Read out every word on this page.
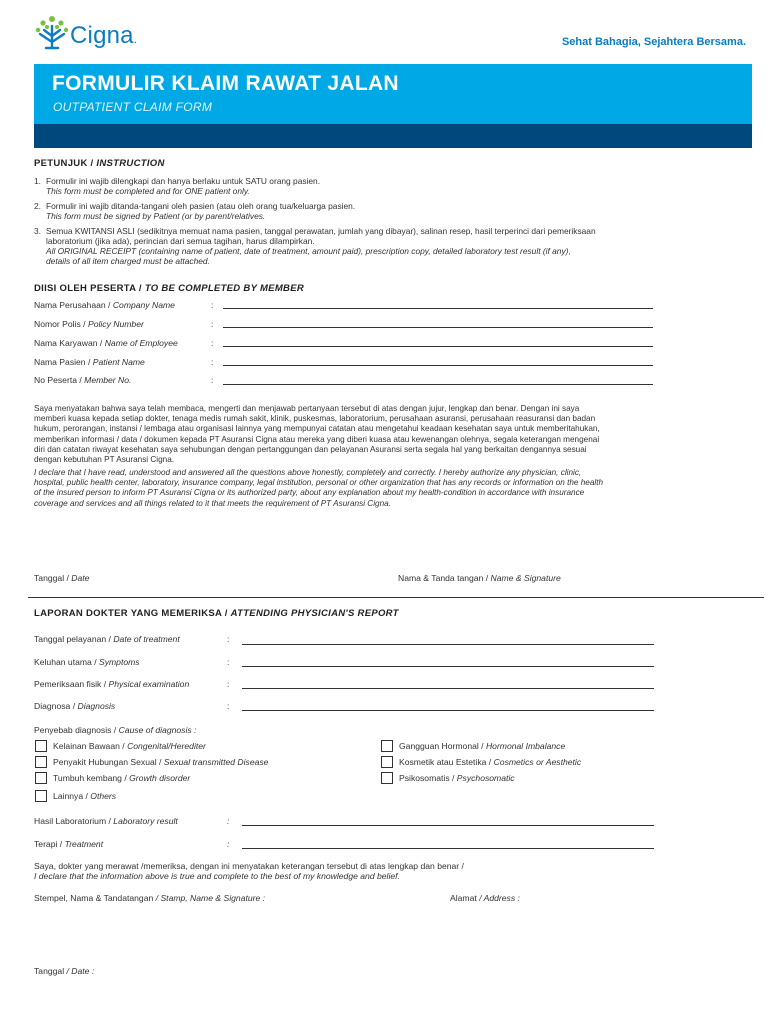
Cigna.	Sehat Bahagia, Sejahtera Bersama.
FORMULIR KLAIM RAWAT JALAN
OUTPATIENT CLAIM FORM
PETUNJUK / INSTRUCTION
1. Formulir ini wajib dilengkapi dan hanya berlaku untuk SATU orang pasien.
This form must be completed and for ONE patient only.
2. Formulir ini wajib ditanda-tangani oleh pasien (atau oleh orang tua/keluarga pasien.
This form must be signed by Patient (or by parent/relatives.
3. Semua KWITANSI ASLI (sedikitnya memuat nama pasien, tanggal perawatan, jumlah yang dibayar), salinan resep, hasil terperinci dari pemeriksaan
laboratorium (jika ada), perincian dari semua tagihan, harus dilampirkan.
All ORIGINAL RECEIPT (containing name of patient, date of treatment, amount paid), prescription copy, detailed laboratory test result (if any),
details of all item charged must be attached.
DIISI OLEH PESERTA / TO BE COMPLETED BY MEMBER
Nama Perusahaan / Company Name	:
Nomor Polis / Policy Number	:
Nama Karyawan / Name of Employee	:
Nama Pasien / Patient Name	:
No Peserta / Member No.	:
Saya menyatakan bahwa saya telah membaca, mengerti dan menjawab pertanyaan tersebut di atas dengan jujur, lengkap dan benar. Dengan ini saya
memberi kuasa kepada setiap dokter, tenaga medis rumah sakit, klinik, puskesmas, laboratorium, perusahaan asuransi, perusahaan reasuransi dan badan
hukum, perorangan, instansi / lembaga atau organisasi lainnya yang mempunyai catatan atau mengetahui keadaan kesehatan saya untuk memberitahukan,
memberikan informasi / data / dokumen kepada PT Asuransi Cigna atau mereka yang diberi kuasa atau kewenangan olehnya, segala keterangan mengenai
diri dan catatan riwayat kesehatan saya sehubungan dengan pertanggungan dan pelayanan Asuransi serta segala hal yang berkaitan dengannya sesuai
dengan kebutuhan PT Asuransi Cigna.
I declare that I have read, understood and answered all the questions above honestly, completely and correctly. I hereby authorize any physician, clinic,
hospital, public health center, laboratory, insurance company, legal institution, personal or other organization that has any records or information on the health
of the insured person to inform PT Asuransi Cigna or its authorized party, about any explanation about my health-condition in accordance with insurance
coverage and services and all things related to it that meets the requirement of PT Asuransi Cigna.
Tanggal / Date	Nama & Tanda tangan / Name & Signature
LAPORAN DOKTER YANG MEMERIKSA / ATTENDING PHYSICIAN'S REPORT
Tanggal pelayanan / Date of treatment	:
Keluhan utama / Symptoms	:
Pemeriksaan fisik / Physical examination	:
Diagnosa / Diagnosis	:
Penyebab diagnosis / Cause of diagnosis :
Kelainan Bawaan / Congenital/Herediter
Penyakit Hubungan Sexual / Sexual transmitted Disease
Tumbuh kembang / Growth disorder
Lainnya / Others
Gangguan Hormonal / Hormonal Imbalance
Kosmetik atau Estetika / Cosmetics or Aesthetic
Psikosomatis / Psychosomatic
Hasil Laboratorium / Laboratory result	:
Terapi / Treatment	:
Saya, dokter yang merawat /memeriksa, dengan ini menyatakan keterangan tersebut di atas lengkap dan benar /
I declare that the information above is true and complete to the best of my knowledge and belief.
Stempel, Nama & Tandatangan / Stamp, Name & Signature :	Alamat / Address :
Tanggal / Date :
